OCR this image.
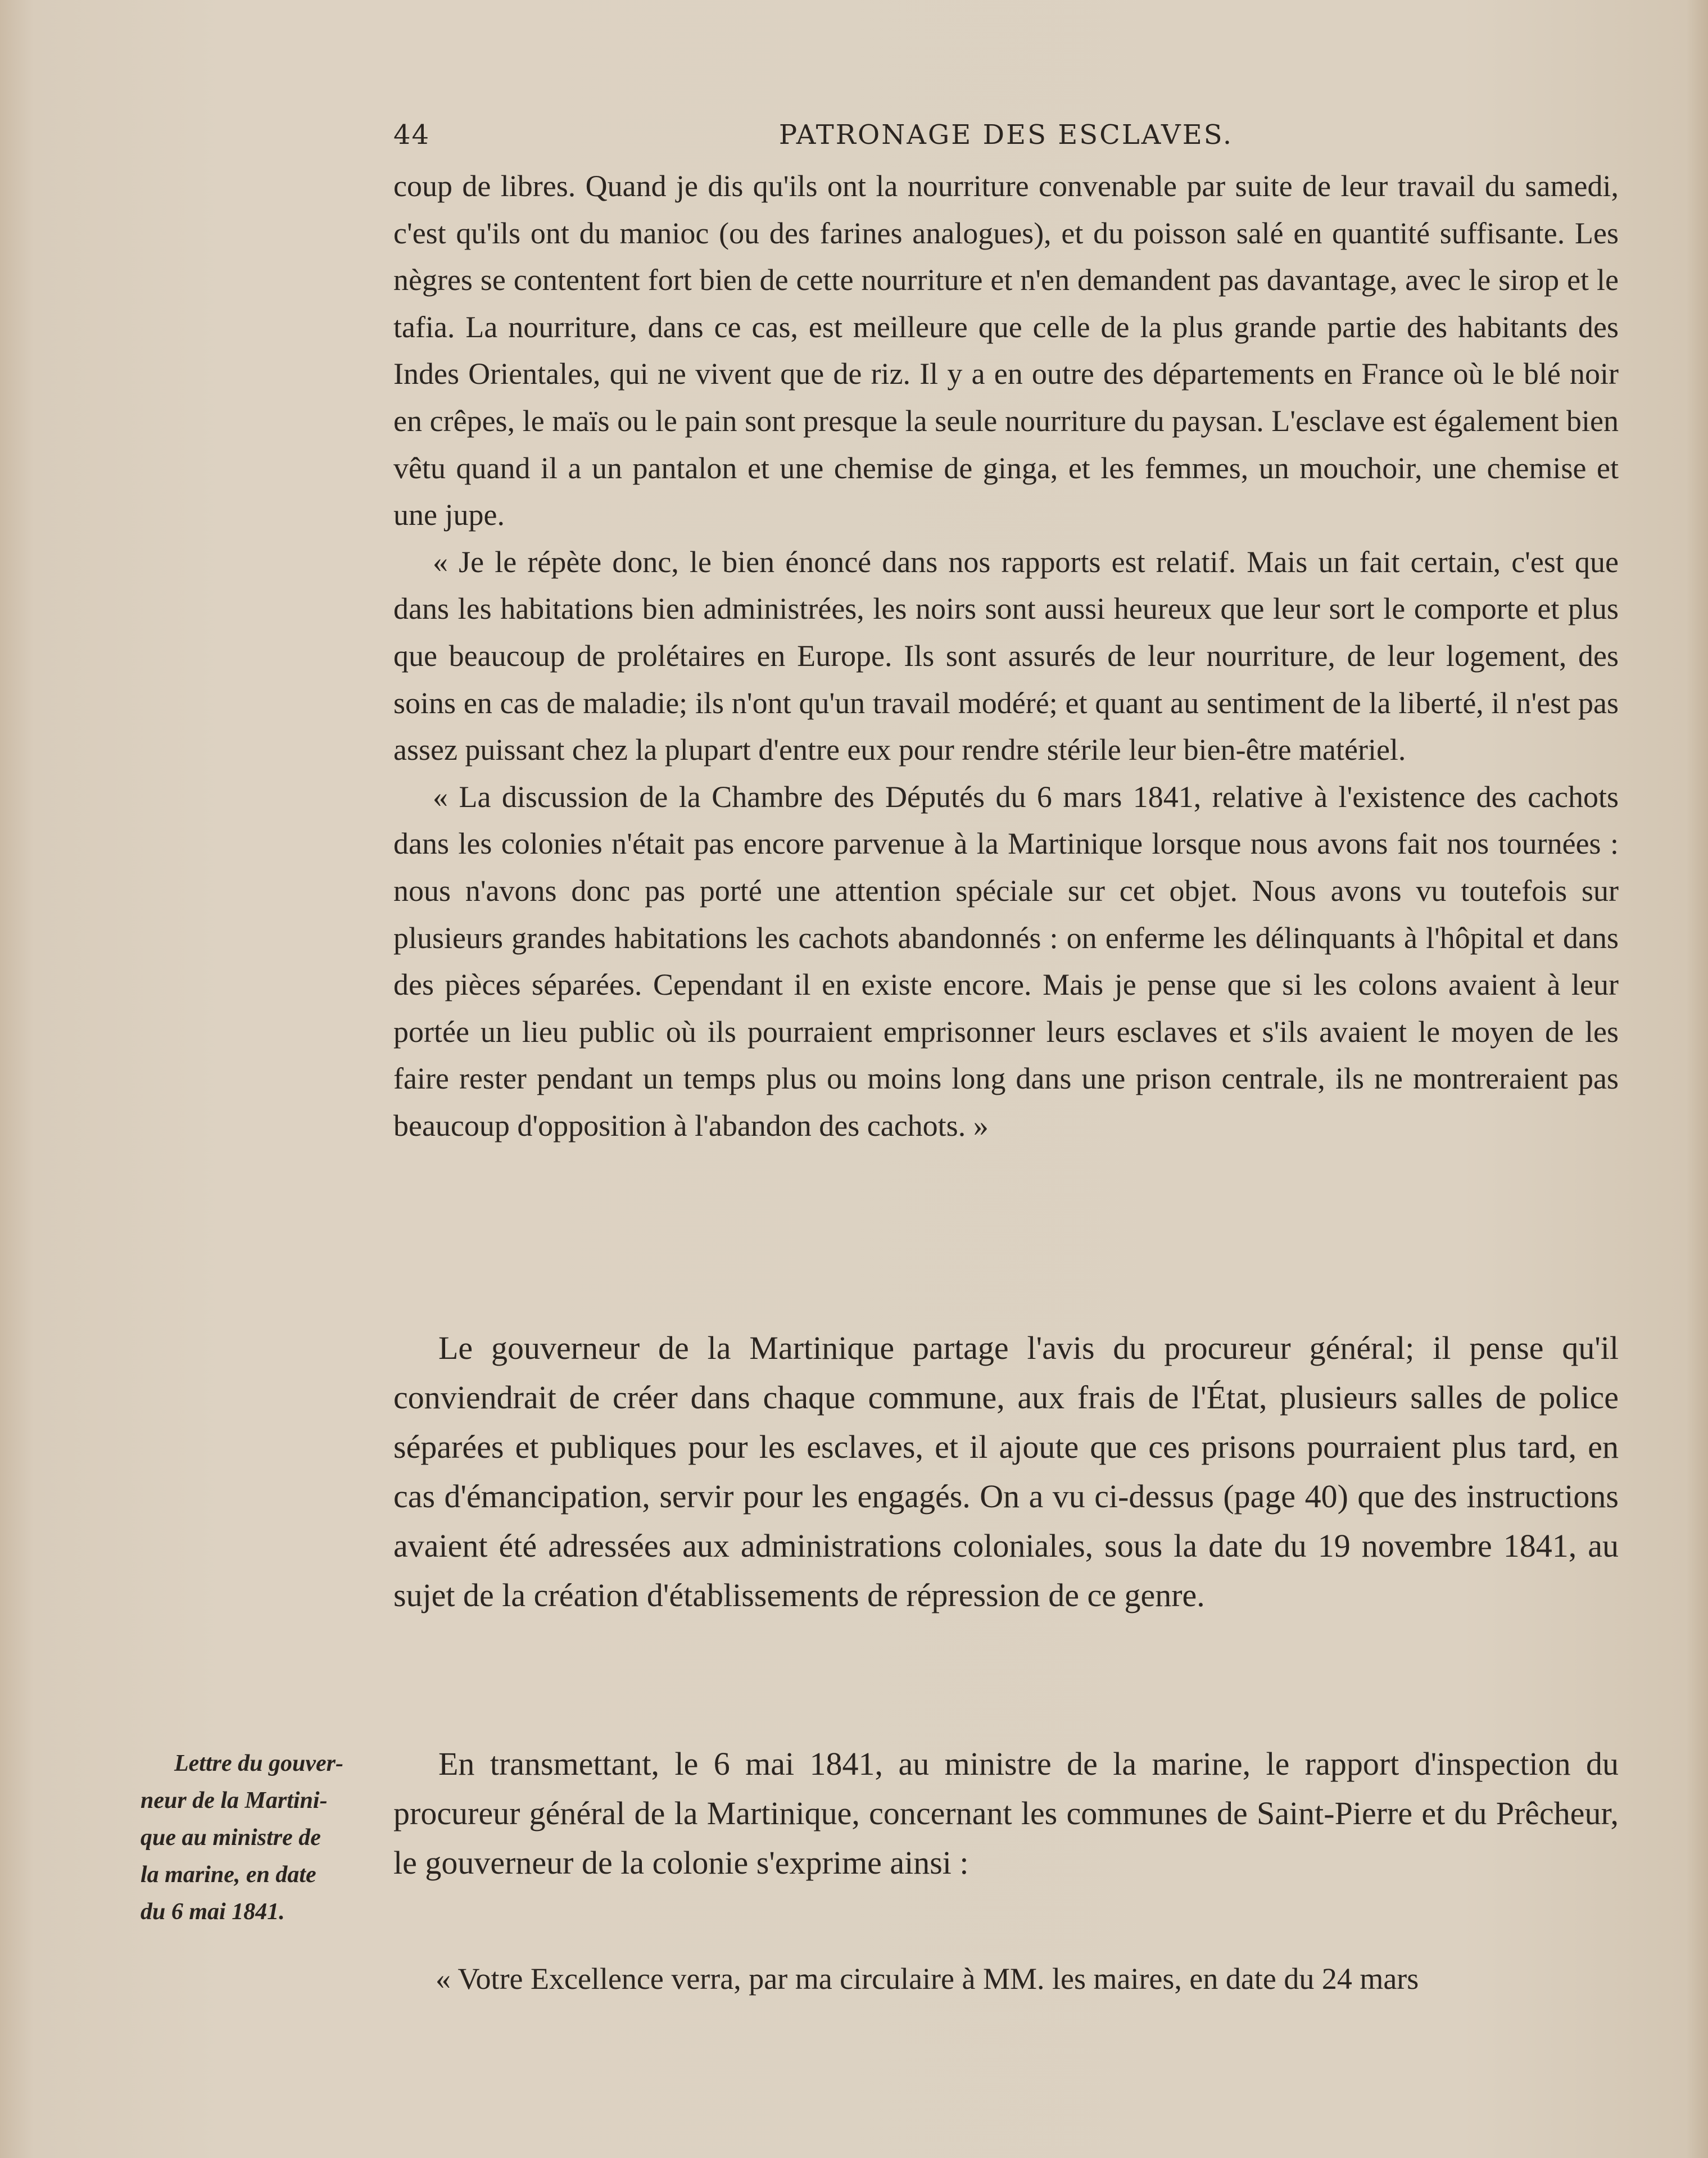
44	PATRONAGE DES ESCLAVES.

coup de libres. Quand je dis qu'ils ont la nourriture convenable par suite de leur travail du samedi, c'est qu'ils ont du manioc (ou des farines analogues), et du poisson salé en quantité suffisante. Les nègres se contentent fort bien de cette nourriture et n'en demandent pas davantage, avec le sirop et le tafia. La nourriture, dans ce cas, est meilleure que celle de la plus grande partie des habitants des Indes Orientales, qui ne vivent que de riz. Il y a en outre des départements en France où le blé noir en crêpes, le maïs ou le pain sont presque la seule nourriture du paysan. L'esclave est également bien vêtu quand il a un pantalon et une chemise de ginga, et les femmes, un mouchoir, une chemise et une jupe.

« Je le répète donc, le bien énoncé dans nos rapports est relatif. Mais un fait certain, c'est que dans les habitations bien administrées, les noirs sont aussi heureux que leur sort le comporte et plus que beaucoup de prolétaires en Europe. Ils sont assurés de leur nourriture, de leur logement, des soins en cas de maladie; ils n'ont qu'un travail modéré; et quant au sentiment de la liberté, il n'est pas assez puissant chez la plupart d'entre eux pour rendre stérile leur bien-être matériel.

« La discussion de la Chambre des Députés du 6 mars 1841, relative à l'existence des cachots dans les colonies n'était pas encore parvenue à la Martinique lorsque nous avons fait nos tournées : nous n'avons donc pas porté une attention spéciale sur cet objet. Nous avons vu toutefois sur plusieurs grandes habitations les cachots abandonnés : on enferme les délinquants à l'hôpital et dans des pièces séparées. Cependant il en existe encore. Mais je pense que si les colons avaient à leur portée un lieu public où ils pourraient emprisonner leurs esclaves et s'ils avaient le moyen de les faire rester pendant un temps plus ou moins long dans une prison centrale, ils ne montreraient pas beaucoup d'opposition à l'abandon des cachots. »

Le gouverneur de la Martinique partage l'avis du procureur général; il pense qu'il conviendrait de créer dans chaque commune, aux frais de l'État, plusieurs salles de police séparées et publiques pour les esclaves, et il ajoute que ces prisons pourraient plus tard, en cas d'émancipation, servir pour les engagés. On a vu ci-dessus (page 40) que des instructions avaient été adressées aux administrations coloniales, sous la date du 19 novembre 1841, au sujet de la création d'établissements de répression de ce genre.

En transmettant, le 6 mai 1841, au ministre de la marine, le rapport d'inspection du procureur général de la Martinique, concernant les communes de Saint-Pierre et du Prêcheur, le gouverneur de la colonie s'exprime ainsi :

Lettre du gouver-
neur de la Martini-
que au ministre de
la marine, en date
du 6 mai 1841.
« Votre Excellence verra, par ma circulaire à MM. les maires, en date du 24 mars
